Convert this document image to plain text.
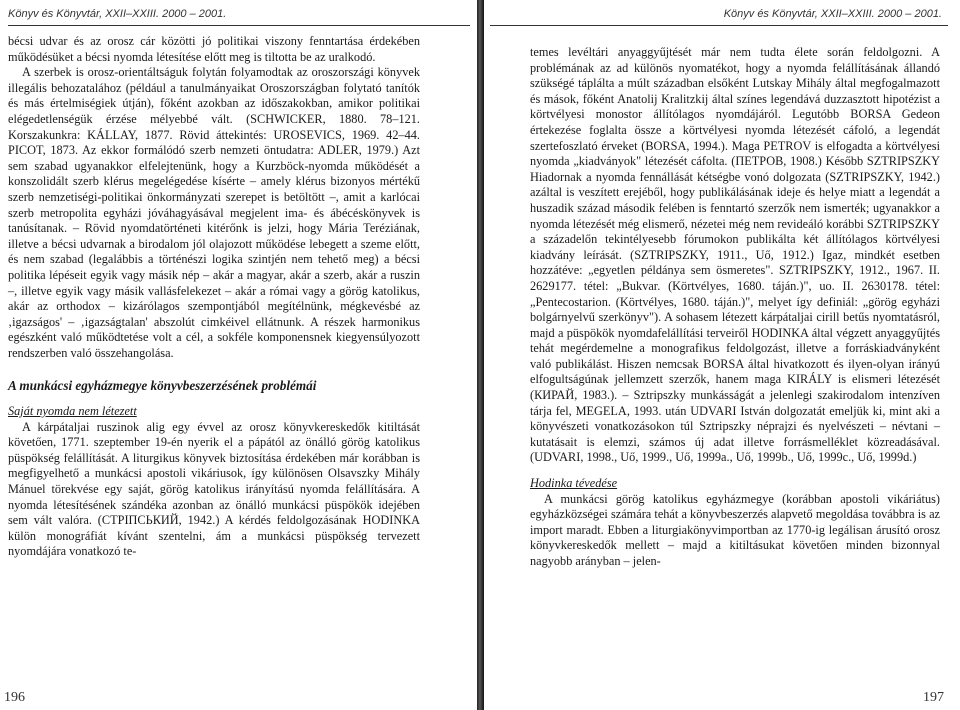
Könyv és Könyvtár, XXII–XXIII. 2000 – 2001.

bécsi udvar és az orosz cár közötti jó politikai viszony fenntartása érdekében működésüket a bécsi nyomda létesítése előtt meg is tiltotta be az uralkodó.

A szerbek is orosz-orientáltságuk folytán folyamodtak az oroszországi könyvek illegális behozatalához (például a tanulmányaikat Oroszországban folytató tanítók és más értelmiségiek útján), főként azokban az időszakokban, amikor politikai elégedetlenségük érzése mélyebbé vált. (SCHWICKER, 1880. 78–121. Korszakunkra: KÁLLAY, 1877. Rövid áttekintés: UROSEVICS, 1969. 42–44. PICOT, 1873. Az ekkor formálódó szerb nemzeti öntudatra: ADLER, 1979.) Azt sem szabad ugyanakkor elfelejtenünk, hogy a Kurzböck-nyomda működését a konszolidált szerb klérus megelégedése kísérte – amely klérus bizonyos mértékű szerb nemzetiségi-politikai önkormányzati szerepet is betöltött –, amit a karlócai szerb metropolita egyházi jóváhagyásával megjelent ima- és ábécéskönyvek is tanúsítanak. – Rövid nyomdatörténeti kitérőnk is jelzi, hogy Mária Teréziának, illetve a bécsi udvarnak a birodalom jól olajozott működése lebegett a szeme előtt, és nem szabad (legalábbis a történészi logika szintjén nem tehető meg) a bécsi politika lépéseit egyik vagy másik nép – akár a magyar, akár a szerb, akár a ruszin –, illetve egyik vagy másik vallásfelekezet – akár a római vagy a görög katolikus, akár az orthodox – kizárólagos szempontjából megítélnünk, mégkevésbé az ‚igazságos' – ‚igazságtalan' abszolút cimkéivel ellátnunk. A részek harmonikus egészként való működtetése volt a cél, a sokféle komponensnek kiegyensúlyozott rendszerben való összehangolása.

A munkácsi egyházmegye könyvbeszerzésének problémái

Saját nyomda nem létezett

A kárpátaljai ruszinok alig egy évvel az orosz könyvkereskedők kitiltását követően, 1771. szeptember 19-én nyerik el a pápától az önálló görög katolikus püspökség felállítását. A liturgikus könyvek biztosítása érdekében már korábban is megfigyelhető a munkácsi apostoli vikáriusok, így különösen Olsavszky Mihály Mánuel törekvése egy saját, görög katolikus irányítású nyomda felállítására. A nyomda létesítésének szándéka azonban az önálló munkácsi püspökök idejében sem vált valóra. (СТРІПСЬКИЙ, 1942.) A kérdés feldolgozásának HODINKA külön monográfiát kívánt szentelni, ám a munkácsi püspökség tervezett nyomdájára vonatkozó te-

196
Könyv és Könyvtár, XXII–XXIII. 2000 – 2001.

temes levéltári anyaggyűjtését már nem tudta élete során feldolgozni. A problémának az ad különös nyomatékot, hogy a nyomda felállításának állandó szükségé táplálta a múlt században elsőként Lutskay Mihály által megfogalmazott és mások, főként Anatolij Kralitzkij által színes legendává duzzasztott hipotézist a körtvélyesi monostor állítólagos nyomdájáról. Legutóbb BORSA Gedeon értekezése foglalta össze a körtvélyesi nyomda létezését cáfoló, a legendát szertefoszlató érveket (BORSA, 1994.). Maga PETROV is elfogadta a körtvélyesi nyomda „kiadványok" létezését cáfolta. (ПЕТРОВ, 1908.) Később SZTRIPSZKY Hiadornak a nyomda fennállását kétségbe vonó dolgozata (SZTRIPSZKY, 1942.) azáltal is veszített erejéből, hogy publikálásának ideje és helye miatt a legendát a huszadik század második felében is fenntartó szerzők nem ismerték; ugyanakkor a nyomda létezését még elismerő, nézetei még nem revideáló korábbi SZTRIPSZKY a századelőn tekintélyesebb fórumokon publikálta két állítólagos körtvélyesi kiadvány leírását. (SZTRIPSZKY, 1911., Uő, 1912.) Igaz, mindkét esetben hozzátéve: „egyetlen példánya sem ösmeretes". SZTRIPSZKY, 1912., 1967. II. 2629177. tétel: „Bukvar. (Körtvélyes, 1680. táján.)", uo. II. 2630178. tétel: „Pentecostarion. (Körtvélyes, 1680. táján.)", melyet így definiál: „görög egyházi bolgárnyelvű szerkönyv"). A sohasem létezett kárpátaljai cirill betűs nyomtatásról, majd a püspökök nyomdafelállítási terveiről HODINKA által végzett anyaggyűjtés tehát megérdemelne a monografikus feldolgozást, illetve a forráskiadványként való publikálást. Hiszen nemcsak BORSA által hivatkozott és ilyen-olyan irányú elfogultságúnak jellemzett szerzők, hanem maga KIRÁLY is elismeri létezését (КИРАЙ, 1983.). – Sztripszky munkásságát a jelenlegi szakirodalom intenzíven tárja fel, MEGELA, 1993. után UDVARI István dolgozatát emeljük ki, mint aki a könyvészeti vonatkozásokon túl Sztripszky néprajzi és nyelvészeti – névtani – kutatásait is elemzi, számos új adat illetve forrásmelléklet közreadásával. (UDVARI, 1998., Uő, 1999., Uő, 1999a., Uő, 1999b., Uő, 1999c., Uő, 1999d.)

Hodinka tévedése

A munkácsi görög katolikus egyházmegye (korábban apostoli vikáriátus) egyházközségei számára tehát a könyvbeszerzés alapvető megoldása továbbra is az import maradt. Ebben a liturgiakönyvimportban az 1770-ig legálisan árusító orosz könyvkereskedők mellett – majd a kitiltásukat követően minden bizonnyal nagyobb arányban – jelen-

197
